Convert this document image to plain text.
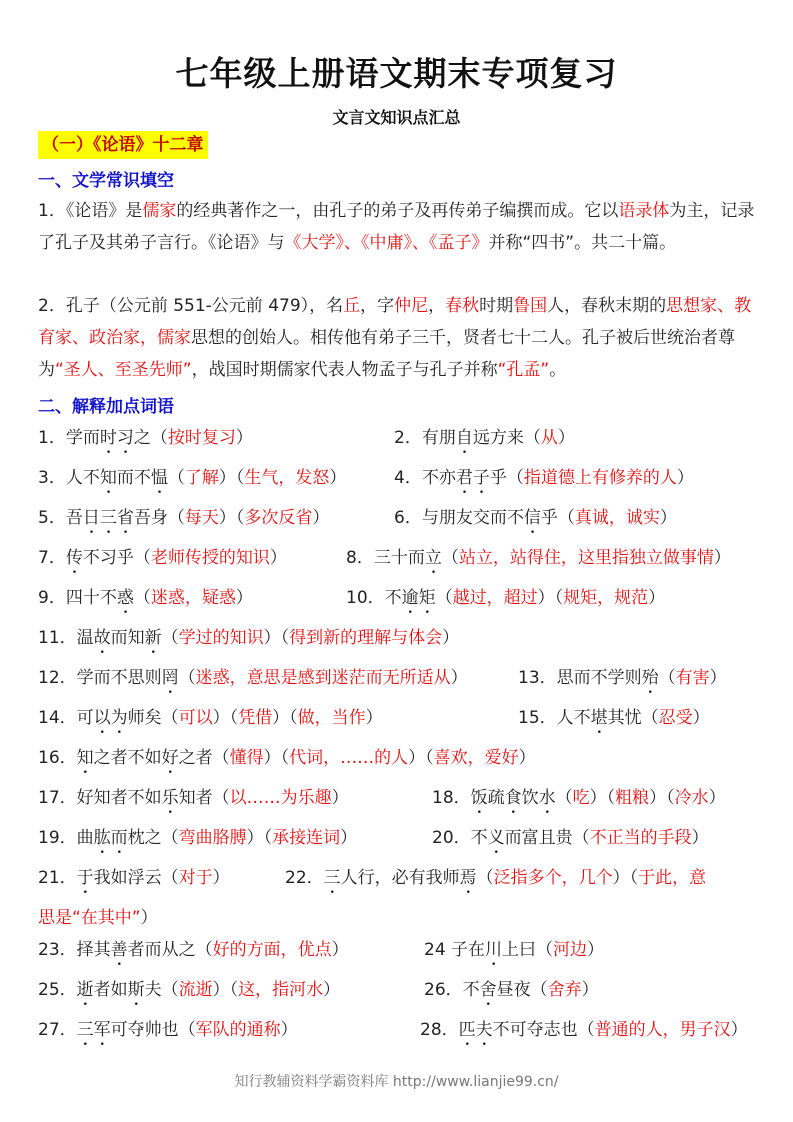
七年级上册语文期末专项复习
文言文知识点汇总
（一）《论语》十二章
一、文学常识填空
1．《论语》是儒家的经典著作之一，由孔子的弟子及再传弟子编撰而成。它以语录体为主，记录了孔子及其弟子言行。《论语》与《大学》、《中庸》、《孟子》并称“四书”。共二十篇。
2．孔子（公元前 551-公元前 479），名丘，字仲尼，春秋时期鲁国人，春秋末期的思想家、教育家、政治家，儒家思想的创始人。相传他有弟子三千，贤者七十二人。孔子被后世统治者尊为“圣人、至圣先师”，战国时期儒家代表人物孟子与孔子并称“孔孟”。
二、解释加点词语
1．学而时习之（按时复习）	2．有朋自远方来（从）
3．人不知而不愠（了解）（生气，发怒）	4．不亦君子乎（指道德上有修养的人）
5．吾日三省吾身（每天）（多次反省）	6．与朋友交而不信乎（真诚，诚实）
7．传不习乎（老师传授的知识）	8．三十而立（站立，站得住，这里指独立做事情）
9．四十不惑（迷惑，疑惑）	10．不逾矩（越过，超过）（规矩，规范）
11．温故而知新（学过的知识）（得到新的理解与体会）
12．学而不思则罔（迷惑，意思是感到迷茫而无所适从）	13．思而不学则殆（有害）
14．可以为师矣（可以）（凭借）（做，当作）	15．人不堪其忧（忍受）
16．知之者不如好之者（懂得）（代词，……的人）（喜欢，爱好）
17．好知者不如乐知者（以……为乐趣）	18．饭疏食饮水（吃）（粗粮）（冷水）
19．曲肱而枕之（弯曲胳膊）（承接连词）	20．不义而富且贵（不正当的手段）
21．于我如浮云（对于）	22．三人行，必有我师焉（泛指多个，几个）（于此，意
思是“在其中”）
23．择其善者而从之（好的方面，优点）	24 子在川上曰（河边）
25．逝者如斯夫（流逝）（这，指河水）	26．不舍昼夜（舍弃）
27．三军可夺帅也（军队的通称）	28．匹夫不可夺志也（普通的人，男子汉）
知行教辅资料学霸资料库 http://www.lianjie99.cn/
